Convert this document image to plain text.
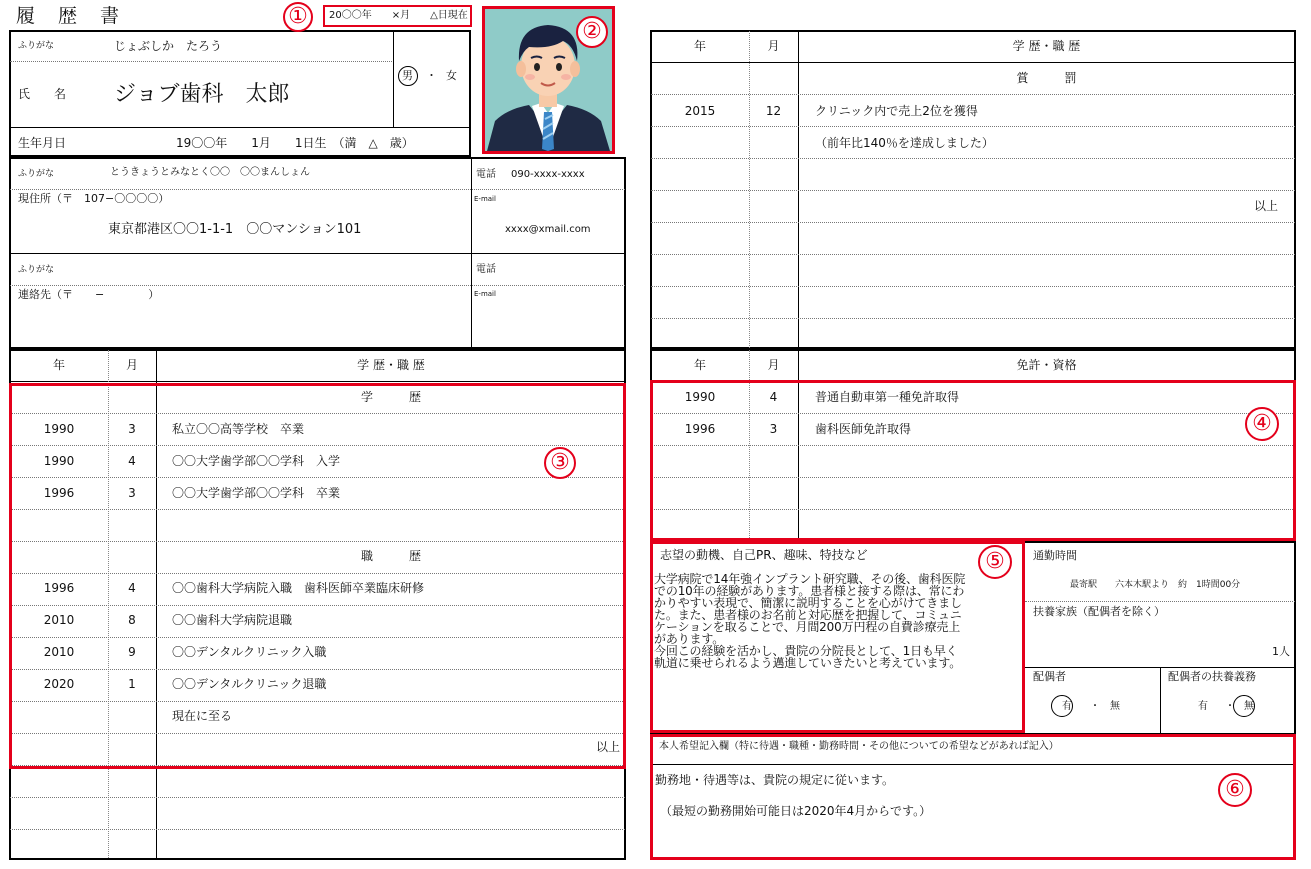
履　歴　書	20〇〇年　　×月　　△日現在
ふりがな	じょぶしか　たろう
氏　　名 ジョブ歯科　太郎
男 ・ 女
生年月日	19〇〇年　　1月　　1日生　（満　△　歳）
ふりがな	とうきょうとみなとく〇〇　〇〇まんしょん
現住所（〒　107−〇〇〇〇）
東京都港区〇〇1-1-1　〇〇マンション101
電話 090-xxxx-xxxx
E-mail
xxxx@xmail.com
ふりがな
連絡先（〒　　−　　　　）
電話
E-mail
年	月	学 歴・職 歴
学　　　歴
1990	3	私立〇〇高等学校　卒業
1990	4	〇〇大学歯学部〇〇学科　入学
1996	3	〇〇大学歯学部〇〇学科　卒業
職　　　歴
1996	4	〇〇歯科大学病院入職　歯科医師卒業臨床研修
2010	8	〇〇歯科大学病院退職
2010	9	〇〇デンタルクリニック入職
2020	1	〇〇デンタルクリニック退職
現在に至る
以上
年	月	学 歴・職 歴
賞　　　罰
2015	12	クリニック内で売上2位を獲得
（前年比140％を達成しました）
以上
年	月	免許・資格
1990	4	普通自動車第一種免許取得
1996	3	歯科医師免許取得
志望の動機、自己PR、趣味、特技など
大学病院で14年強インプラント研究職、その後、歯科医院
での10年の経験があります。患者様と接する際は、常にわ
かりやすい表現で、簡潔に説明することを心がけてきまし
た。また、患者様のお名前と対応歴を把握して、コミュニ
ケーションを取ることで、月間200万円程の自費診療売上
があります。
今回この経験を活かし、貴院の分院長として、1日も早く
軌道に乗せられるよう邁進していきたいと考えています。
通勤時間
最寄駅　　六本木駅より　約　1時間00分
扶養家族（配偶者を除く）
1人
配偶者
有 ・ 無
配偶者の扶養義務
有 ・ 無
本人希望記入欄（特に待遇・職種・勤務時間・その他についての希望などがあれば記入）
勤務地・待遇等は、貴院の規定に従います。
（最短の勤務開始可能日は2020年4月からです。）
①
②
③
④
⑤
⑥
